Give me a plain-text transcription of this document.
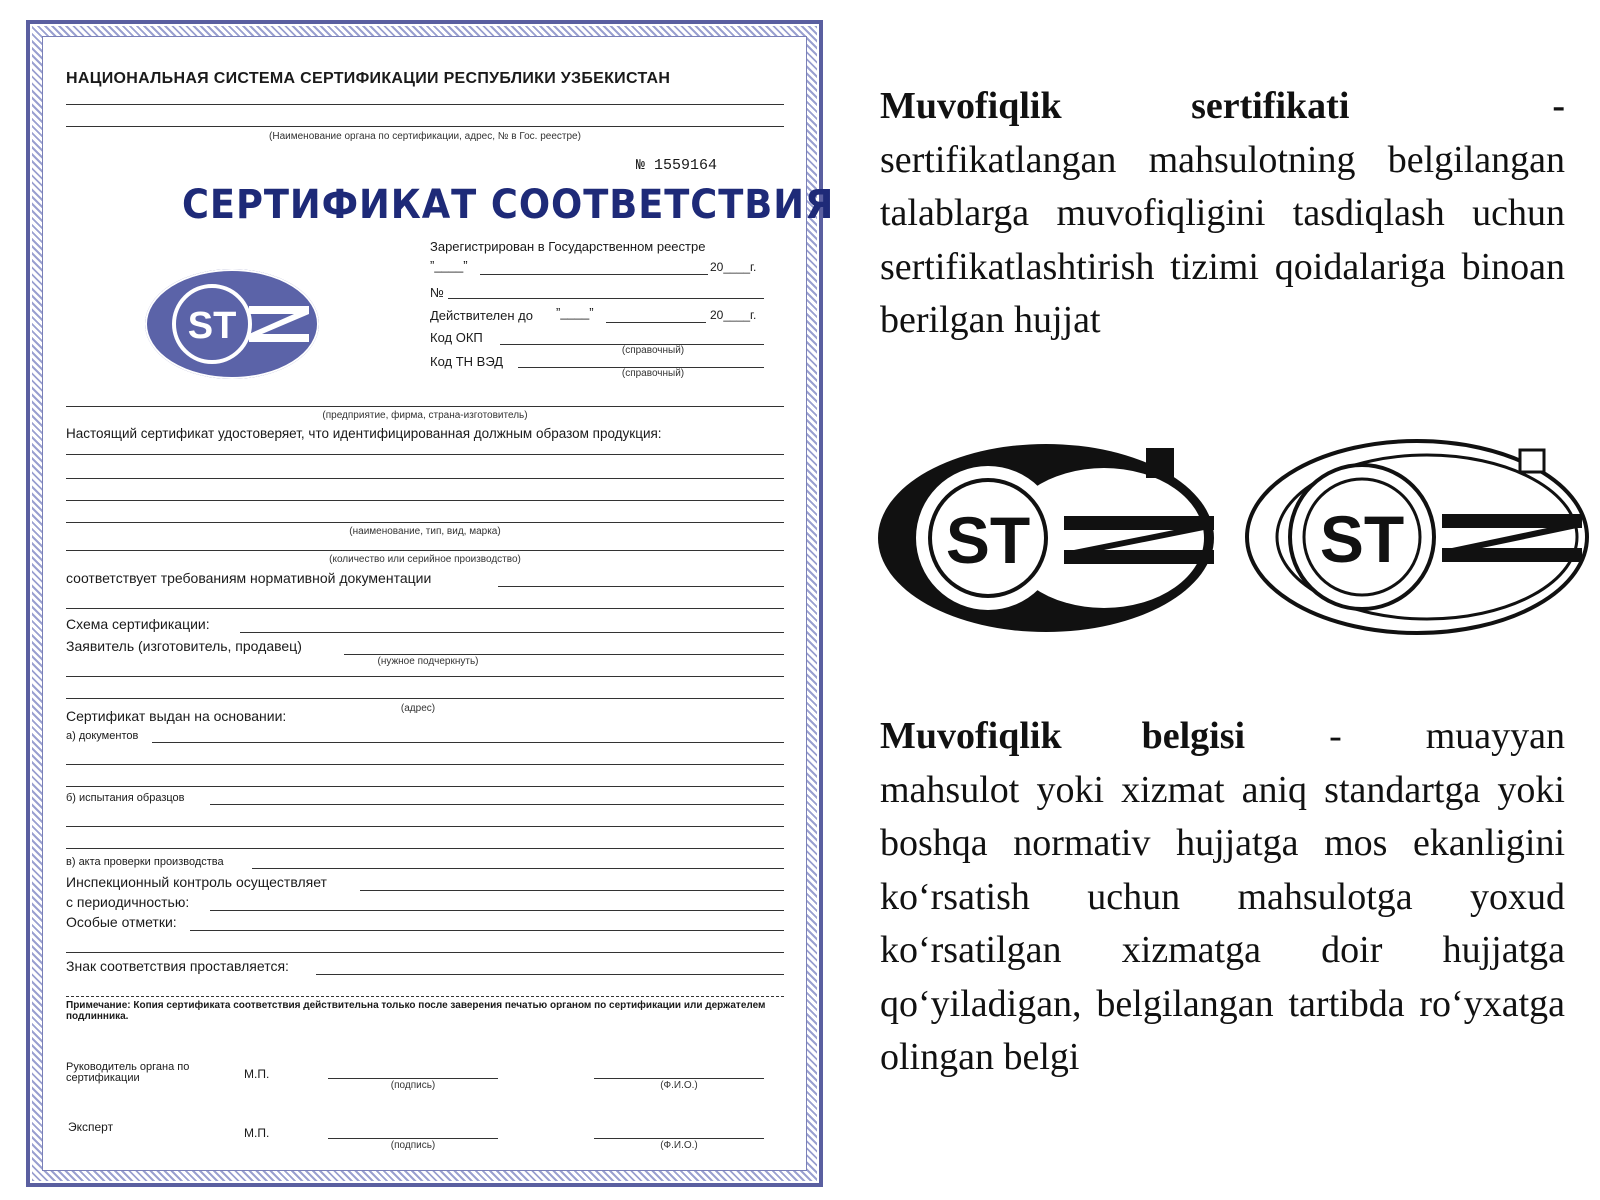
НАЦИОНАЛЬНАЯ СИСТЕМА СЕРТИФИКАЦИИ РЕСПУБЛИКИ УЗБЕКИСТАН
(Наименование органа по сертификации, адрес, № в Гос. реестре)
№ 1559164
СЕРТИФИКАТ СООТВЕТСТВИЯ
ST
Зарегистрирован в Государственном реестре
”____”	20____г.
№
Действителен до ”____”	20____г.
Код ОКП
(справочный)
Код ТН ВЭД
(справочный)
(предприятие, фирма, страна-изготовитель)
Настоящий сертификат удостоверяет, что идентифицированная должным образом продукция:
(наименование, тип, вид, марка)
(количество или серийное производство)
соответствует требованиям нормативной документации
Схема сертификации:
Заявитель (изготовитель, продавец)
(нужное подчеркнуть)
(адрес)
Сертификат выдан на основании:
а) документов
б) испытания образцов
в) акта проверки производства
Инспекционный контроль осуществляет
с периодичностью:
Особые отметки:
Знак соответствия проставляется:
Примечание: Копия сертификата соответствия действительна только после заверения печатью органом по сертификации или держателем подлинника.
Руководитель органа по сертификации	М.П.
(подпись)	(Ф.И.О.)
Эксперт	М.П.
(подпись)	(Ф.И.О.)
Muvofiqlik sertifikati	-
sertifikatlangan mahsulotning belgilangan talablarga muvofiqligini tasdiqlash uchun sertifikatlashtirish tizimi qoidalariga binoan berilgan hujjat
ST	ST
Muvofiqlik belgisi - muayyan mahsulot yoki xizmat aniq standartga yoki boshqa normativ hujjatga mos ekanligini ko‘rsatish uchun mahsulotga yoxud ko‘rsatilgan xizmatga doir hujjatga qo‘yiladigan, belgilangan tartibda ro‘yxatga olingan belgi
